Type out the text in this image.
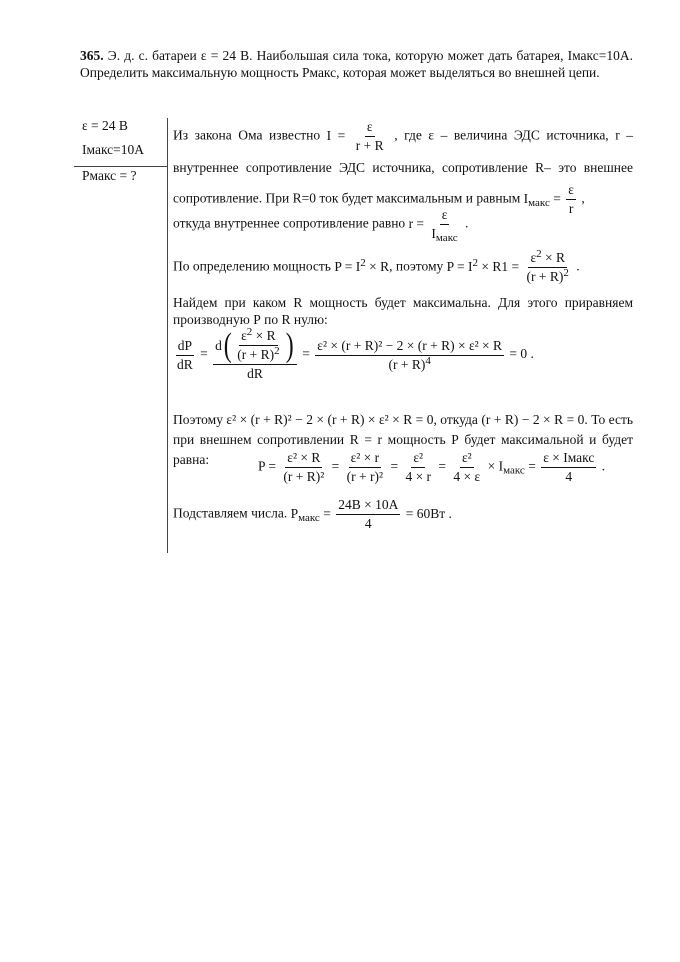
365. Э. д. с. батареи ε = 24 В. Наибольшая сила тока, которую может дать батарея, Iмакс=10А. Определить максимальную мощность Рмакс, которая может выделяться во внешней цепи.
ε = 24 В
Iмакс=10А
Рмакс = ?
Из закона Ома известно $I = \frac{\varepsilon}{r + R}$ , где ε – величина ЭДС источника, r – внутреннее сопротивление ЭДС источника, сопротивление R– это внешнее сопротивление. При R=0 ток будет максимальным и равным $I_{макс} = \frac{\varepsilon}{r}$ ,
откуда внутреннее сопротивление равно $r = \frac{\varepsilon}{I_{макс}}$ .
По определению мощность $P = I^2 \times R$, поэтому $P = I^2 \times R1 = \frac{\varepsilon^2 \times R}{(r + R)^2}$ .
Найдем при каком R мощность будет максимальна. Для этого приравняем производную Р по R нулю:
$\frac{dP}{dR} = \frac{d ( \frac{\varepsilon^2 \times R}{(r + R)^2} )}{dR} = \frac{\text{ε² × (r + R)² − 2 × (r + R) × ε² × R}}{(r + R)^4} = 0$ .
Поэтому ε² × (r + R)² − 2 × (r + R) × ε² × R = 0, откуда (r + R) − 2 × R = 0. То есть при внешнем сопротивлении R = r мощность Р будет максимальной и будет равна:	$P = \frac{\text{ε² × R}}{\text{(r + R)²}} = \frac{\text{ε² × r}}{\text{(r + r)²}} = \frac{\text{ε²}}{4 \times r} = \frac{\text{ε²}}{4 \times \varepsilon} \times I_{макс} = \frac{\text{ε × Iмакс}}{4}$ .
Подставляем числа. $P_{макс} = \frac{24В \times 10А}{4} = 60Вт$ .
